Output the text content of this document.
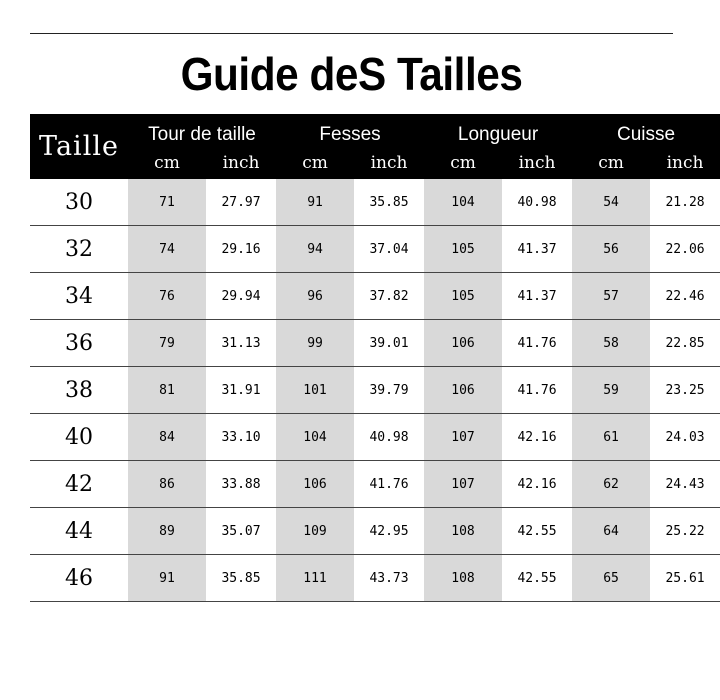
Guide deS Tailles
Taille	Tour de taille		Fesses		Longueur		Cuisse	
	cm	inch	cm	inch	cm	inch	cm	inch
30	71	27.97	91	35.85	104	40.98	54	21.28
32	74	29.16	94	37.04	105	41.37	56	22.06
34	76	29.94	96	37.82	105	41.37	57	22.46
36	79	31.13	99	39.01	106	41.76	58	22.85
38	81	31.91	101	39.79	106	41.76	59	23.25
40	84	33.10	104	40.98	107	42.16	61	24.03
42	86	33.88	106	41.76	107	42.16	62	24.43
44	89	35.07	109	42.95	108	42.55	64	25.22
46	91	35.85	111	43.73	108	42.55	65	25.61
